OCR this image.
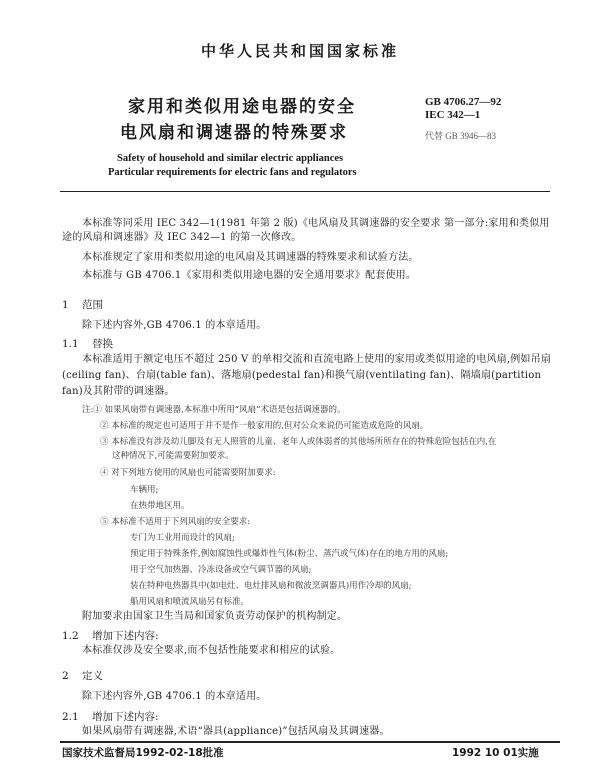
中华人民共和国国家标准
家用和类似用途电器的安全
电风扇和调速器的特殊要求
GB 4706.27—92
IEC 342—1
代替 GB 3946—83
Safety of household and similar electric appliances
Particular requirements for electric fans and regulators
本标准等同采用 IEC 342—1(1981 年第 2 版)《电风扇及其调速器的安全要求 第一部分:家用和类似用途的风扇和调速器》及 IEC 342—1 的第一次修改。
本标准规定了家用和类似用途的电风扇及其调速器的特殊要求和试验方法。
本标准与 GB 4706.1《家用和类似用途电器的安全通用要求》配套使用。
1 范围
除下述内容外,GB 4706.1 的本章适用。
1.1 替换
本标准适用于额定电压不超过 250 V 的单相交流和直流电路上使用的家用或类似用途的电风扇,例如吊扇(ceiling fan)、台扇(table fan)、落地扇(pedestal fan)和换气扇(ventilating fan)、隔墙扇(partition fan)及其附带的调速器。
注:① 如果风扇带有调速器,本标准中所用“风扇”术语是包括调速器的。
② 本标准的规定也可适用于并不是作一般家用的,但对公众来说仍可能造成危险的风扇。
③ 本标准没有涉及幼儿脚及有无人照管的儿童、老年人或体弱者的其他场所所存在的特殊危险包括在内,在
这种情况下,可能需要附加要求。
④ 对下列地方使用的风扇也可能需要附加要求:
车辆用;
在热带地区用。
⑤ 本标准不适用于下列风扇的安全要求:
专门为工业用而设计的风扇;
预定用于特殊条件,例如腐蚀性或爆炸性气体(粉尘、蒸汽或气体)存在的地方用的风扇;
用于空气加热器、冷冻设备或空气调节器的风扇;
装在特种电热器具中(如电灶、电灶排风扇和微波烹调器具)用作冷却的风扇;
船用风扇和喷流风扇另有标准。
附加要求由国家卫生当局和国家负责劳动保护的机构制定。
1.2 增加下述内容:
本标准仅涉及安全要求,而不包括性能要求和相应的试验。
2 定义
除下述内容外,GB 4706.1 的本章适用。
2.1 增加下述内容:
如果风扇带有调速器,术语“器具(appliance)”包括风扇及其调速器。
国家技术监督局1992-02-18批准	1992 10 01实施
